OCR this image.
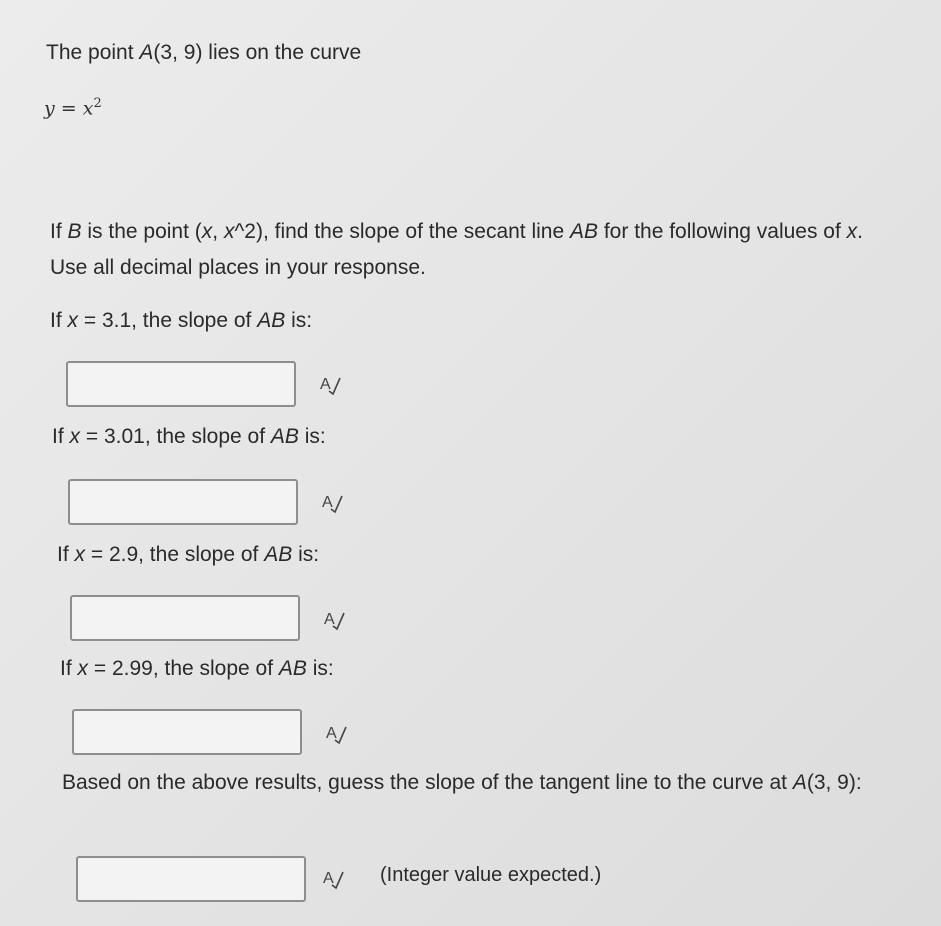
The point A(3, 9) lies on the curve
$y = x^2$
If B is the point (x, x^2), find the slope of the secant line AB for the following values of x. Use all decimal places in your response.
If x = 3.1, the slope of AB is:
A
If x = 3.01, the slope of AB is:
A
If x = 2.9, the slope of AB is:
A
If x = 2.99, the slope of AB is:
A
Based on the above results, guess the slope of the tangent line to the curve at A(3, 9):
A (Integer value expected.)
